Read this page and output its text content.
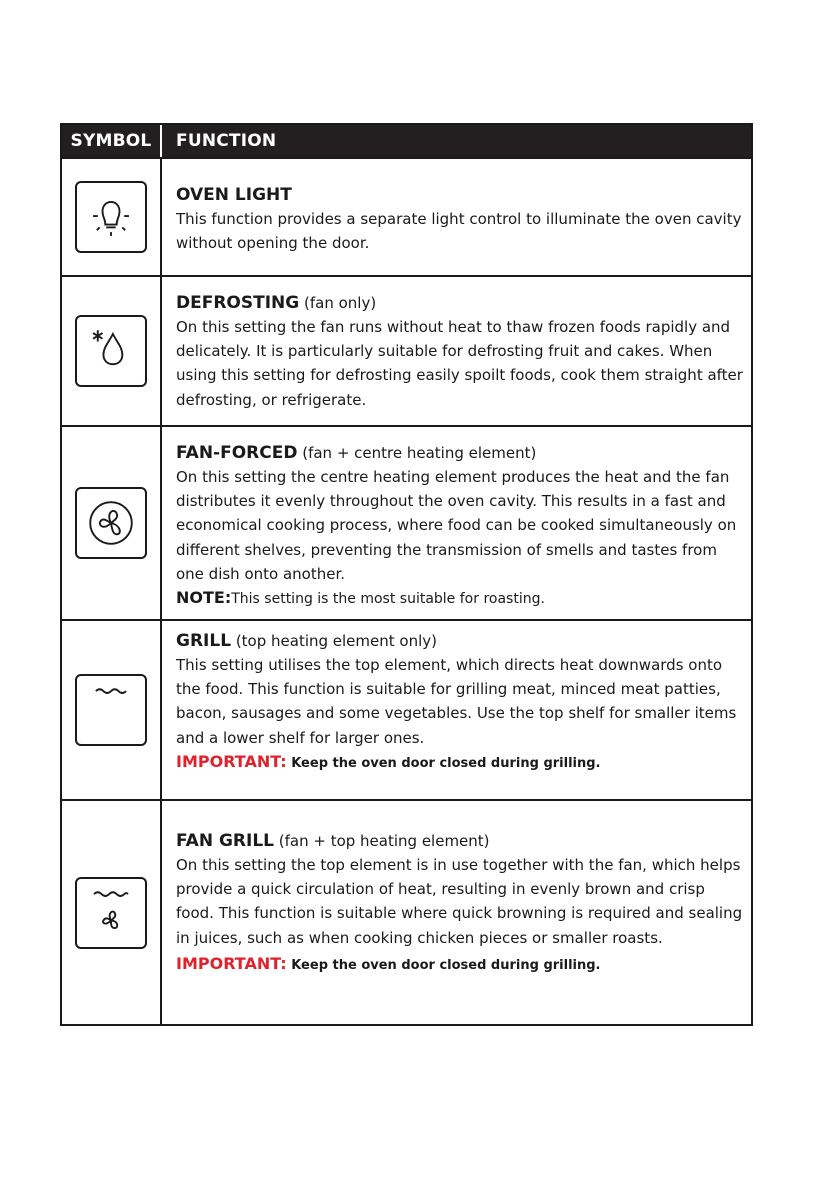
SYMBOL	FUNCTION
OVEN LIGHT
This function provides a separate light control to illuminate the oven cavity without opening the door.
DEFROSTING (fan only)
On this setting the fan runs without heat to thaw frozen foods rapidly and delicately. It is particularly suitable for defrosting fruit and cakes. When using this setting for defrosting easily spoilt foods, cook them straight after defrosting, or refrigerate.
FAN-FORCED (fan + centre heating element)
On this setting the centre heating element produces the heat and the fan distributes it evenly throughout the oven cavity. This results in a fast and economical cooking process, where food can be cooked simultaneously on different shelves, preventing the transmission of smells and tastes from one dish onto another.
NOTE:This setting is the most suitable for roasting.
GRILL (top heating element only)
This setting utilises the top element, which directs heat downwards onto the food. This function is suitable for grilling meat, minced meat patties, bacon, sausages and some vegetables. Use the top shelf for smaller items and a lower shelf for larger ones.
IMPORTANT: Keep the oven door closed during grilling.
FAN GRILL (fan + top heating element)
On this setting the top element is in use together with the fan, which helps provide a quick circulation of heat, resulting in evenly brown and crisp food. This function is suitable where quick browning is required and sealing in juices, such as when cooking chicken pieces or smaller roasts.
IMPORTANT: Keep the oven door closed during grilling.
